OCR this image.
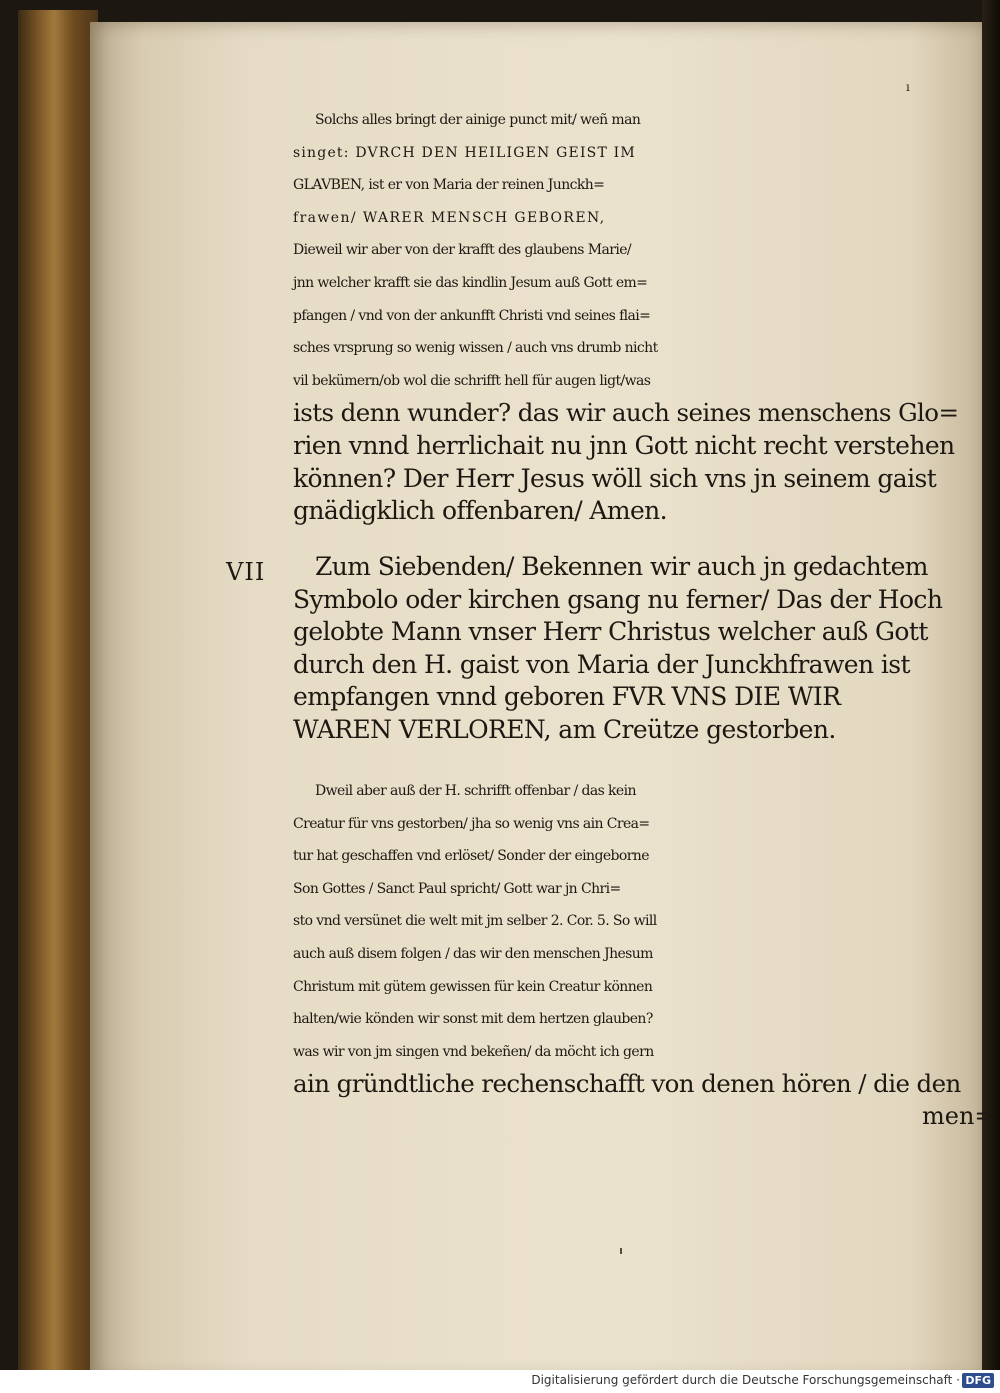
ı
VII
Solchs alles bringt der ainige punct mit/ weñ man
singet: DVRCH DEN HEILIGEN GEIST IM
GLAVBEN, ist er von Maria der reinen Junckh=
frawen/ WARER MENSCH GEBOREN,
Dieweil wir aber von der krafft des glaubens Marie/
jnn welcher krafft sie das kindlin Jesum auß Gott em=
pfangen / vnd von der ankunfft Christi vnd seines flai=
sches vrsprung so wenig wissen / auch vns drumb nicht
vil bekümern/ob wol die schrifft hell für augen ligt/was
ists denn wunder? das wir auch seines menschens Glo=
rien vnnd herrlichait nu jnn Gott nicht recht verstehen
können? Der Herr Jesus wöll sich vns jn seinem gaist
gnädigklich offenbaren/ Amen.
Zum Siebenden/ Bekennen wir auch jn gedachtem
Symbolo oder kirchen gsang nu ferner/ Das der Hoch
gelobte Mann vnser Herr Christus welcher auß Gott
durch den H. gaist von Maria der Junckhfrawen ist
empfangen vnnd geboren FVR VNS DIE WIR
WAREN VERLOREN, am Creütze gestorben.
Dweil aber auß der H. schrifft offenbar / das kein
Creatur für vns gestorben/ jha so wenig vns ain Crea=
tur hat geschaffen vnd erlöset/ Sonder der eingeborne
Son Gottes / Sanct Paul spricht/ Gott war jn Chri=
sto vnd versünet die welt mit jm selber 2. Cor. 5. So will
auch auß disem folgen / das wir den menschen Jhesum
Christum mit gütem gewissen für kein Creatur können
halten/wie könden wir sonst mit dem hertzen glauben?
was wir von jm singen vnd bekeñen/ da möcht ich gern
ain gründtliche rechenschafft von denen hören / die den
men=
Digitalisierung gefördert durch die Deutsche Forschungsgemeinschaft · DFG
